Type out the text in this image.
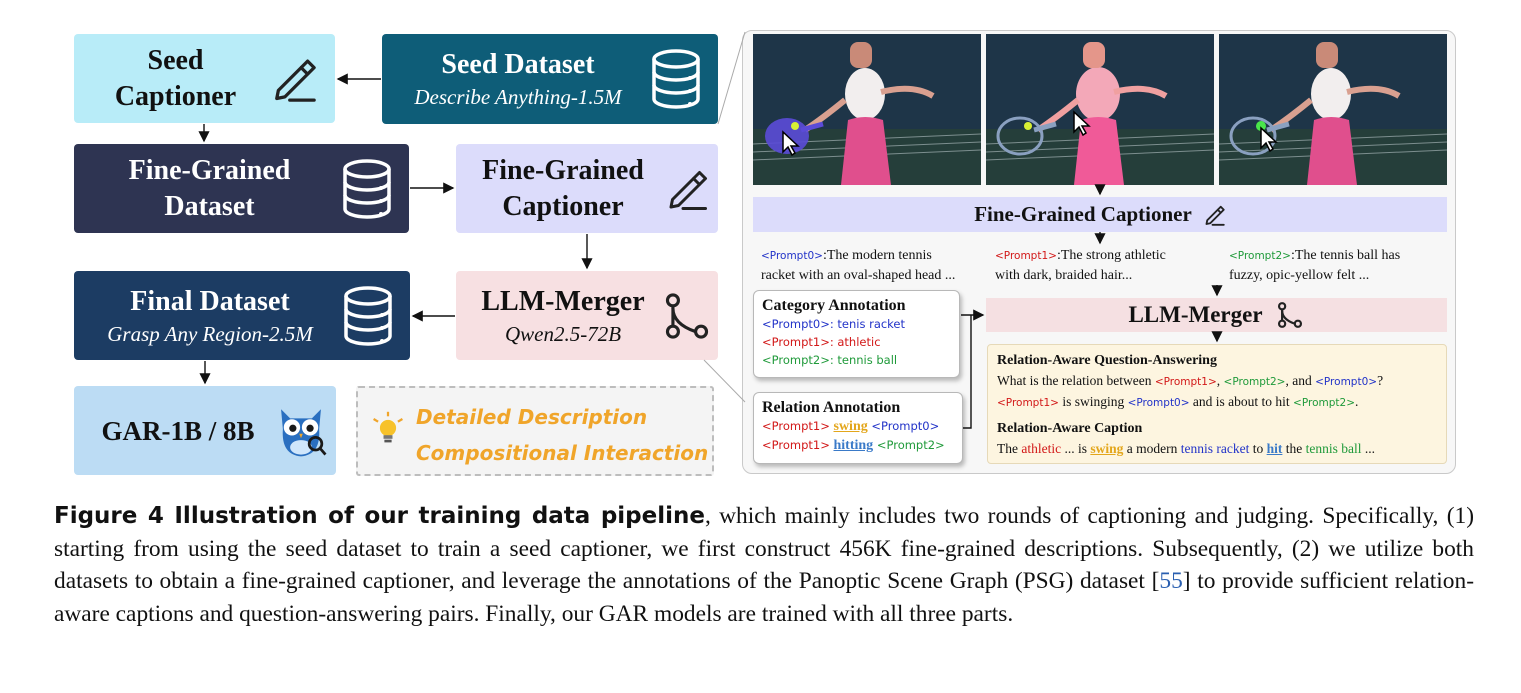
Seed
Captioner
Seed Dataset
Describe Anything-1.5M
Fine-Grained
Dataset
Fine-Grained
Captioner
LLM-Merger
Qwen2.5-72B
Final Dataset
Grasp Any Region-2.5M
GAR-1B / 8B	Detailed Description
Compositional Interaction
Fine-Grained Captioner
<Prompt0>:The modern tennis
racket with an oval-shaped head ...
<Prompt1>:The strong athletic
with dark, braided hair...
<Prompt2>:The tennis ball has
fuzzy, opic-yellow felt ...
Category Annotation
<Prompt0>: tenis racket
<Prompt1>: athletic
<Prompt2>: tennis ball
Relation Annotation
<Prompt1> swing <Prompt0>
<Prompt1> hitting <Prompt2>
LLM-Merger
Relation-Aware Question-Answering
What is the relation between <Prompt1>, <Prompt2>, and <Prompt0>?
<Prompt1> is swinging <Prompt0> and is about to hit <Prompt2>.
Relation-Aware Caption
The athletic ... is swing a modern tennis racket to hit the tennis ball ...
Figure 4 Illustration of our training data pipeline, which mainly includes two rounds of captioning and judging. Specifically, (1) starting from using the seed dataset to train a seed captioner, we first construct 456K fine-grained descriptions. Subsequently, (2) we utilize both datasets to obtain a fine-grained captioner, and leverage the annotations of the Panoptic Scene Graph (PSG) dataset [55] to provide sufficient relation-aware captions and question-answering pairs. Finally, our GAR models are trained with all three parts.
